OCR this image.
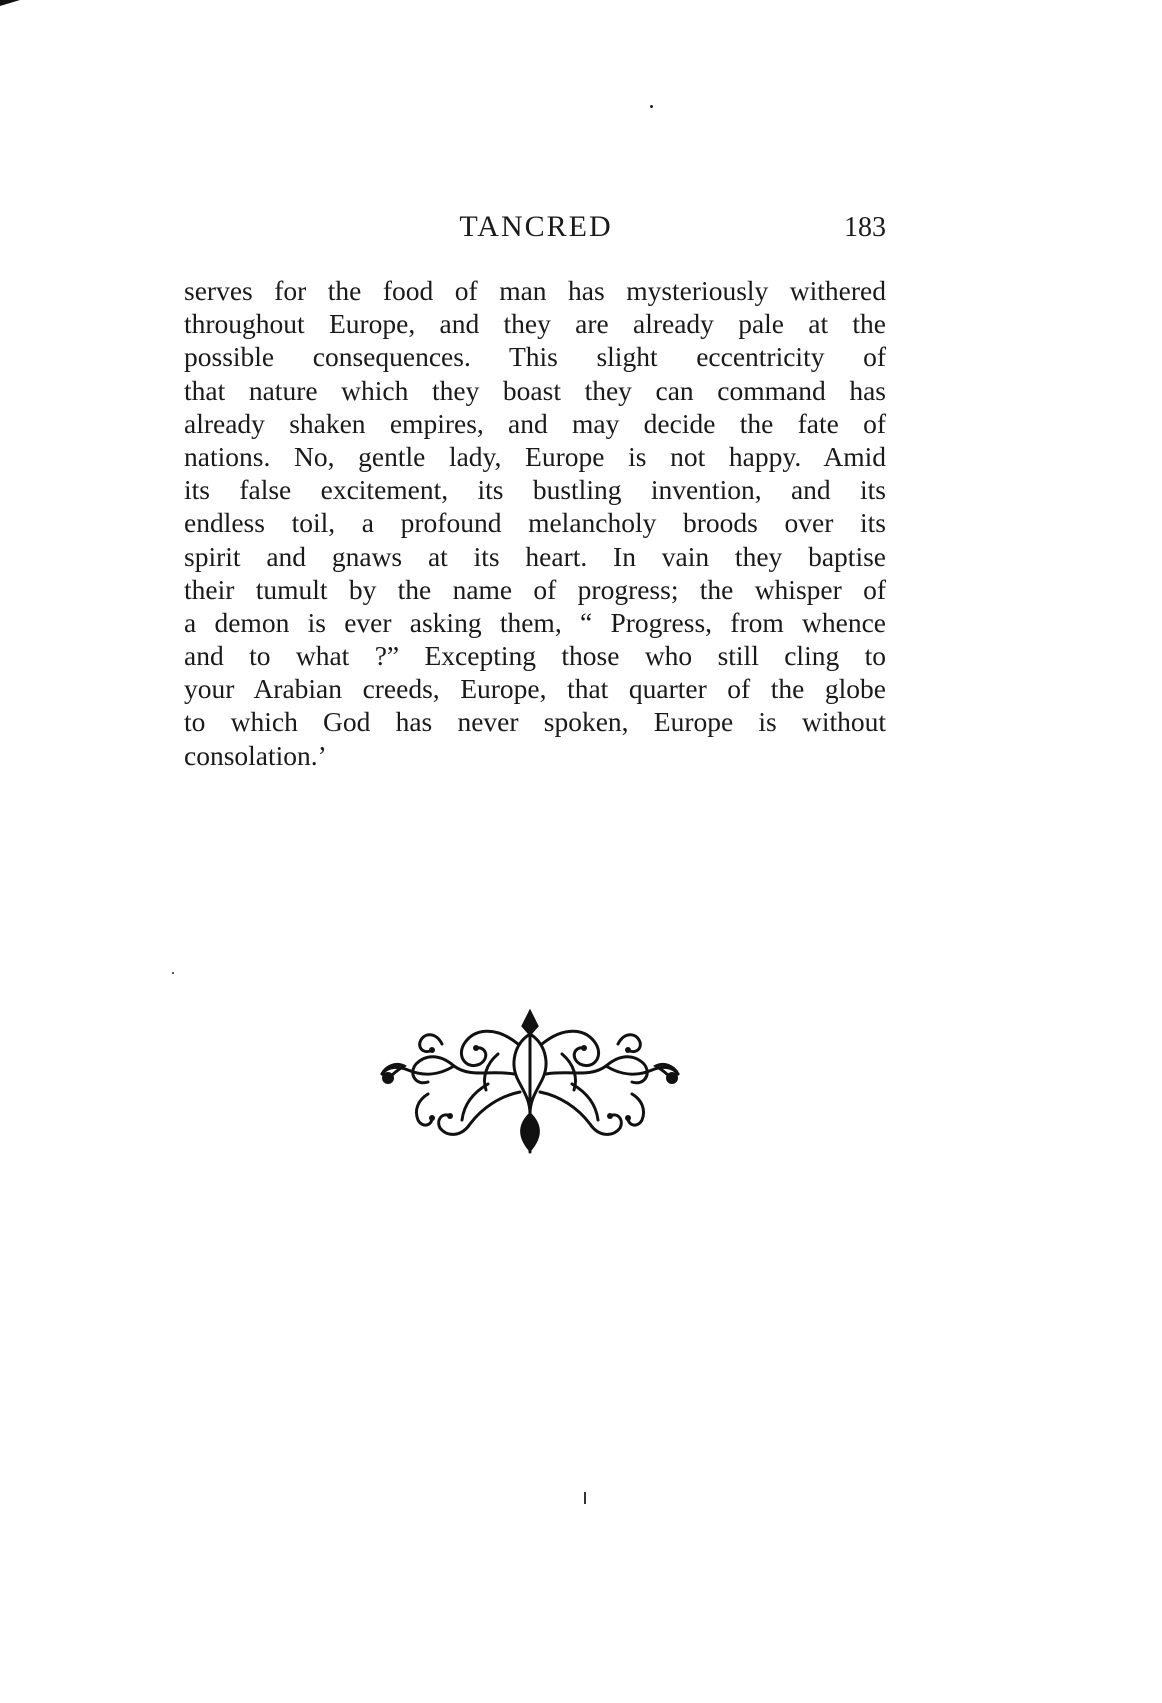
TANCRED	183
serves for the food of man has mysteriously withered
throughout Europe, and they are already pale at the
possible consequences. This slight eccentricity of
that nature which they boast they can command has
already shaken empires, and may decide the fate of
nations. No, gentle lady, Europe is not happy. Amid
its false excitement, its bustling invention, and its
endless toil, a profound melancholy broods over its
spirit and gnaws at its heart. In vain they baptise
their tumult by the name of progress; the whisper of
a demon is ever asking them, “ Progress, from whence
and to what ?” Excepting those who still cling to
your Arabian creeds, Europe, that quarter of the globe
to which God has never spoken, Europe is without
consolation.’
